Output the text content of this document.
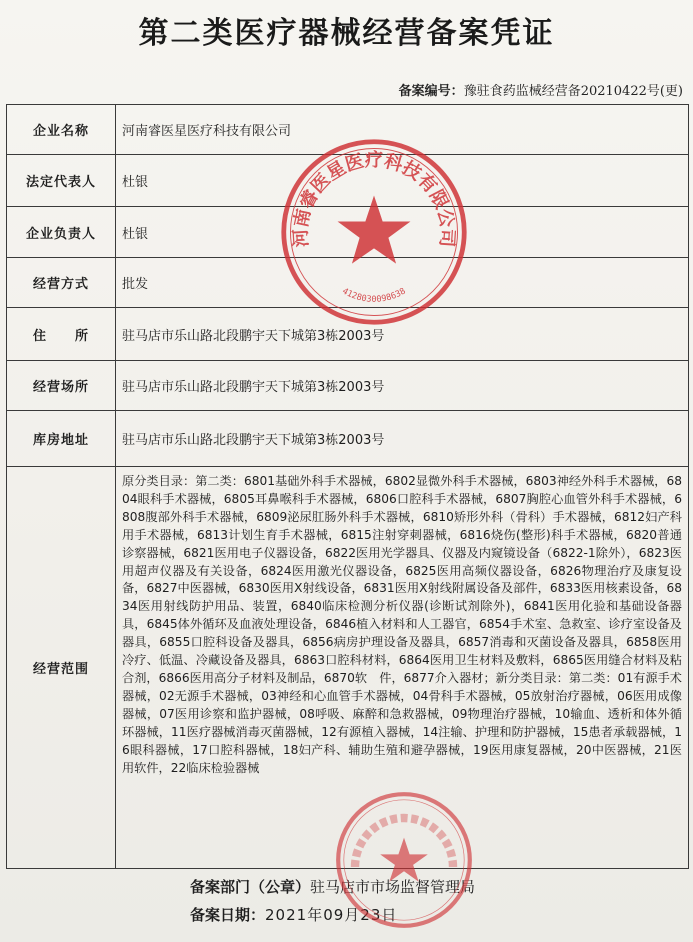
第二类医疗器械经营备案凭证
备案编号：豫驻食药监械经营备20210422号(更)
企业名称	河南睿医星医疗科技有限公司
法定代表人	杜银
企业负责人	杜银
经营方式	批发
住　　所	驻马店市乐山路北段鹏宇天下城第3栋2003号
经营场所	驻马店市乐山路北段鹏宇天下城第3栋2003号
库房地址	驻马店市乐山路北段鹏宇天下城第3栋2003号
经营范围	原分类目录：第二类：6801基础外科手术器械，6802显微外科手术器械，6803神经外科手术器械，6804眼科手术器械，6805耳鼻喉科手术器械，6806口腔科手术器械，6807胸腔心血管外科手术器械，6808腹部外科手术器械，6809泌尿肛肠外科手术器械，6810矫形外科（骨科）手术器械，6812妇产科用手术器械，6813计划生育手术器械，6815注射穿刺器械，6816烧伤(整形)科手术器械，6820普通诊察器械，6821医用电子仪器设备，6822医用光学器具、仪器及内窥镜设备（6822-1除外），6823医用超声仪器及有关设备，6824医用激光仪器设备，6825医用高频仪器设备，6826物理治疗及康复设备，6827中医器械，6830医用X射线设备，6831医用X射线附属设备及部件，6833医用核素设备，6834医用射线防护用品、装置，6840临床检测分析仪器(诊断试剂除外)，6841医用化验和基础设备器具，6845体外循环及血液处理设备，6846植入材料和人工器官，6854手术室、急救室、诊疗室设备及器具，6855口腔科设备及器具，6856病房护理设备及器具，6857消毒和灭菌设备及器具，6858医用冷疗、低温、冷藏设备及器具，6863口腔科材料，6864医用卫生材料及敷料，6865医用缝合材料及粘合剂，6866医用高分子材料及制品，6870软　件，6877介入器材；新分类目录：第二类：01有源手术器械，02无源手术器械，03神经和心血管手术器械，04骨科手术器械，05放射治疗器械，06医用成像器械，07医用诊察和监护器械，08呼吸、麻醉和急救器械，09物理治疗器械，10输血、透析和体外循环器械，11医疗器械消毒灭菌器械，12有源植入器械，14注输、护理和防护器械，15患者承载器械，16眼科器械，17口腔科器械，18妇产科、辅助生殖和避孕器械，19医用康复器械，20中医器械，21医用软件，22临床检验器械
备案部门（公章）驻马店市市场监督管理局
备案日期：2021年09月23日
河南睿医星医疗科技有限公司
4128030098638
